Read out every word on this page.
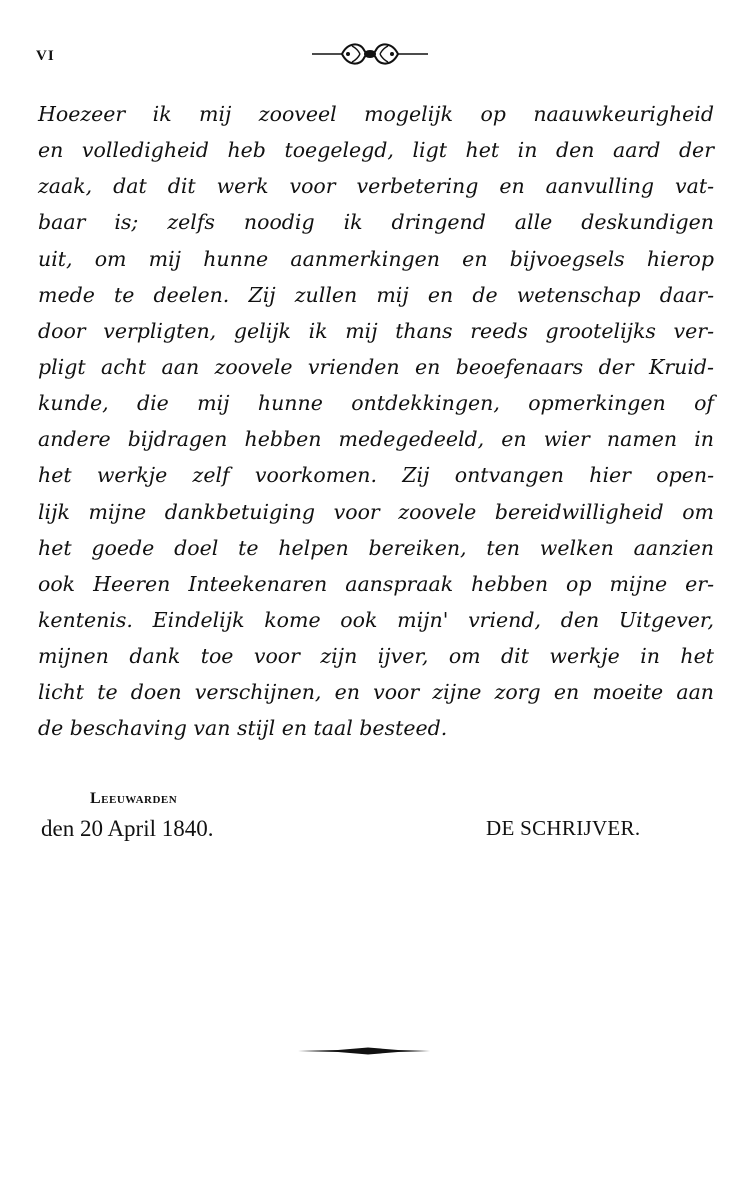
VI
Hoezeer ik mij zooveel mogelijk op naauwkeurigheid
en volledigheid heb toegelegd, ligt het in den aard der
zaak, dat dit werk voor verbetering en aanvulling vat-
baar is; zelfs noodig ik dringend alle deskundigen
uit, om mij hunne aanmerkingen en bijvoegsels hierop
mede te deelen. Zij zullen mij en de wetenschap daar-
door verpligten, gelijk ik mij thans reeds grootelijks ver-
pligt acht aan zoovele vrienden en beoefenaars der Kruid-
kunde, die mij hunne ontdekkingen, opmerkingen of
andere bijdragen hebben medegedeeld, en wier namen in
het werkje zelf voorkomen. Zij ontvangen hier open-
lijk mijne dankbetuiging voor zoovele bereidwilligheid om
het goede doel te helpen bereiken, ten welken aanzien
ook Heeren Inteekenaren aanspraak hebben op mijne er-
kentenis. Eindelijk kome ook mijn' vriend, den Uitgever,
mijnen dank toe voor zijn ijver, om dit werkje in het
licht te doen verschijnen, en voor zijne zorg en moeite aan
de beschaving van stijl en taal besteed.
Leeuwarden
den 20 April 1840.	DE SCHRIJVER.
